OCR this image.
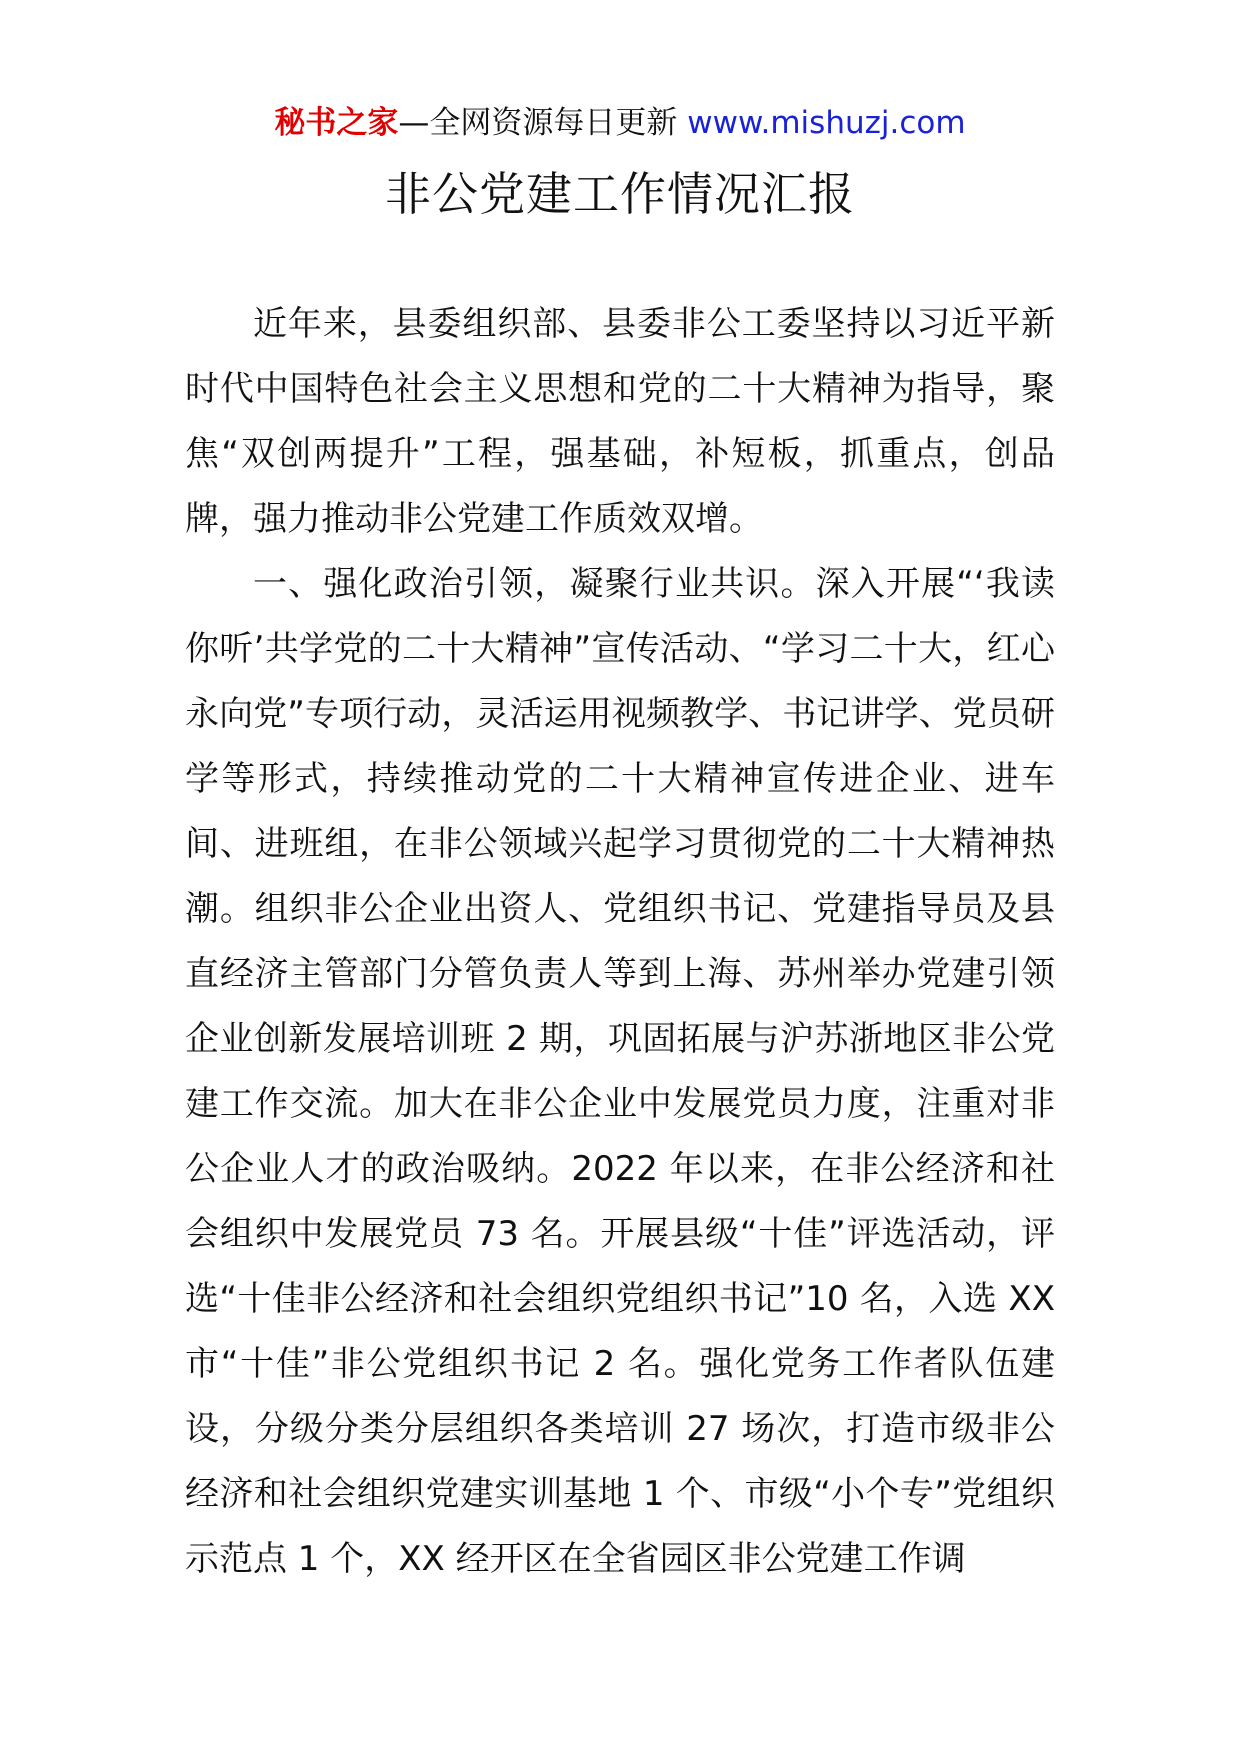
秘书之家—全网资源每日更新 www.mishuzj.com
非公党建工作情况汇报

近年来，县委组织部、县委非公工委坚持以习近平新时代中国特色社会主义思想和党的二十大精神为指导，聚焦“双创两提升”工程，强基础，补短板，抓重点，创品牌，强力推动非公党建工作质效双增。

一、强化政治引领，凝聚行业共识。深入开展“‘我读你听’共学党的二十大精神”宣传活动、“学习二十大，红心永向党”专项行动，灵活运用视频教学、书记讲学、党员研学等形式，持续推动党的二十大精神宣传进企业、进车间、进班组，在非公领域兴起学习贯彻党的二十大精神热潮。组织非公企业出资人、党组织书记、党建指导员及县直经济主管部门分管负责人等到上海、苏州举办党建引领企业创新发展培训班 2 期，巩固拓展与沪苏浙地区非公党建工作交流。加大在非公企业中发展党员力度，注重对非公企业人才的政治吸纳。2022 年以来，在非公经济和社会组织中发展党员 73 名。开展县级“十佳”评选活动，评选“十佳非公经济和社会组织党组织书记”10 名，入选 XX 市“十佳”非公党组织书记 2 名。强化党务工作者队伍建设，分级分类分层组织各类培训 27 场次，打造市级非公经济和社会组织党建实训基地 1 个、市级“小个专”党组织示范点 1 个，XX 经开区在全省园区非公党建工作调
